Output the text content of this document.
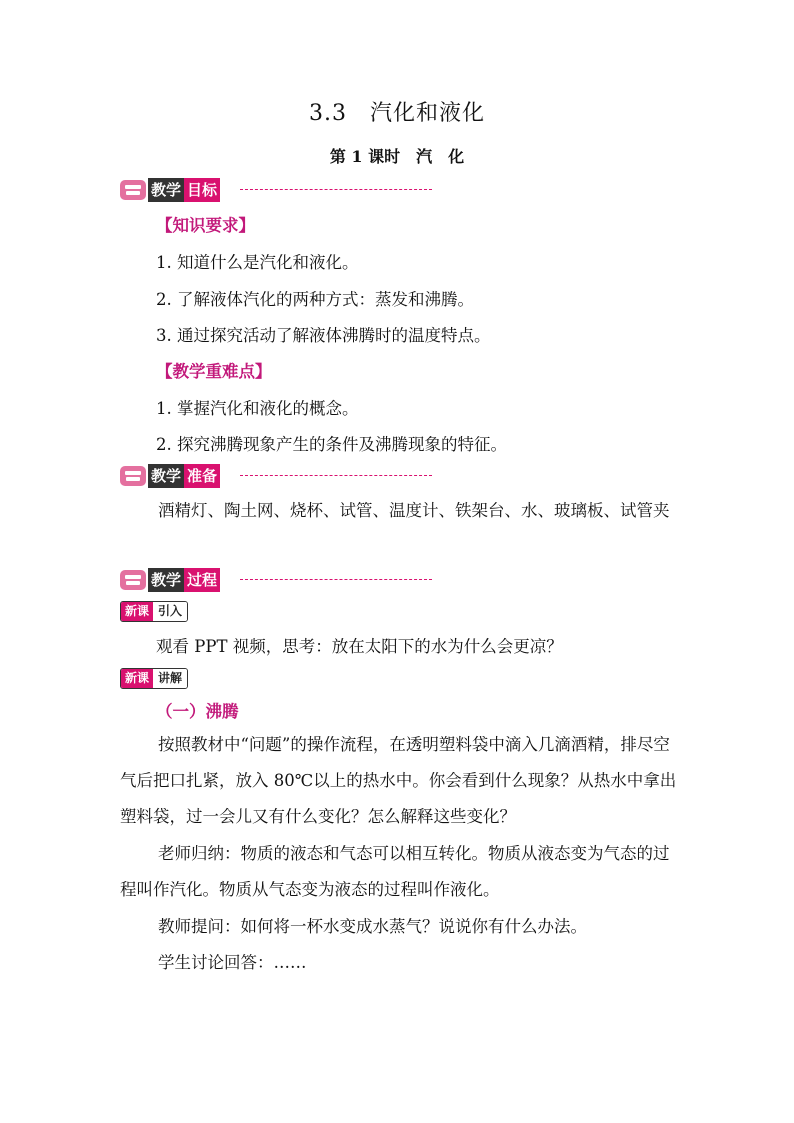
3.3　汽化和液化
第 1 课时　汽　化
教学 目标
【知识要求】
1. 知道什么是汽化和液化。
2. 了解液体汽化的两种方式：蒸发和沸腾。
3. 通过探究活动了解液体沸腾时的温度特点。
【教学重难点】
1. 掌握汽化和液化的概念。
2. 探究沸腾现象产生的条件及沸腾现象的特征。
教学 准备
酒精灯、陶土网、烧杯、试管、温度计、铁架台、水、玻璃板、试管夹
教学 过程
新课 引入
观看 PPT 视频，思考：放在太阳下的水为什么会更凉？
新课 讲解
（一）沸腾
按照教材中“问题”的操作流程，在透明塑料袋中滴入几滴酒精，排尽空气后把口扎紧，放入 80℃以上的热水中。你会看到什么现象？从热水中拿出塑料袋，过一会儿又有什么变化？怎么解释这些变化？
老师归纳：物质的液态和气态可以相互转化。物质从液态变为气态的过程叫作汽化。物质从气态变为液态的过程叫作液化。
教师提问：如何将一杯水变成水蒸气？说说你有什么办法。
学生讨论回答：……
